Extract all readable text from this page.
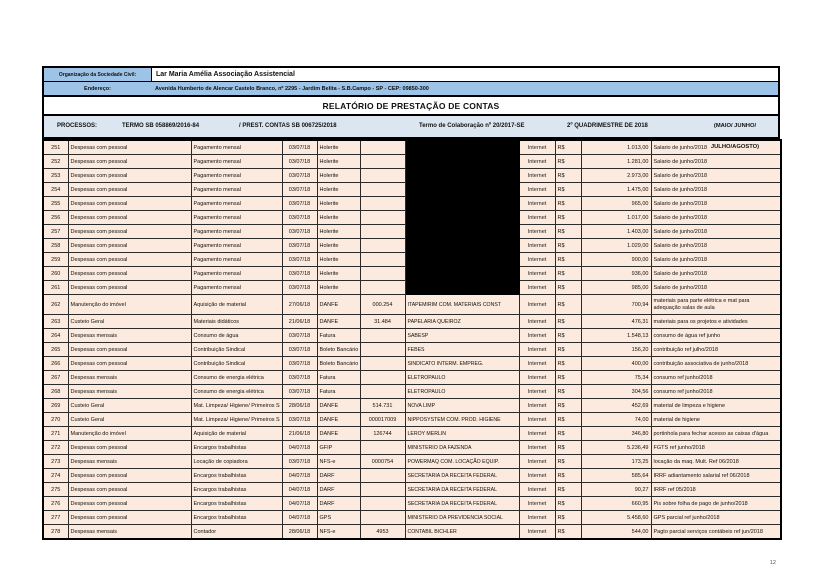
Organização da Sociedade Civil:	Lar Maria Amélia Associação Assistencial
Endereço:	Avenida Humberto de Alencar Castelo Branco, nº 2295 - Jardim Belita - S.B.Campo - SP - CEP: 09850-300
RELATÓRIO DE PRESTAÇÃO DE CONTAS
PROCESSOS:	TERMO SB 058869/2016-84	/ PREST. CONTAS SB 006725/2018	Termo de Colaboração nº 20/2017-SE	2º QUADRIMESTRE DE 2018	(MAIO/ JUNHO/
JULHO/AGOSTO)
251	Despesas com pessoal	Pagamento mensal	03/07/18	Holerite			Internet	R$	1.013,00	Salario de junho/2018
252	Despesas com pessoal	Pagamento mensal	03/07/18	Holerite			Internet	R$	1.281,00	Salario de junho/2018
253	Despesas com pessoal	Pagamento mensal	03/07/18	Holerite			Internet	R$	2.973,00	Salario de junho/2018
254	Despesas com pessoal	Pagamento mensal	03/07/18	Holerite			Internet	R$	1.475,00	Salario de junho/2018
255	Despesas com pessoal	Pagamento mensal	03/07/18	Holerite			Internet	R$	965,00	Salario de junho/2018
256	Despesas com pessoal	Pagamento mensal	03/07/18	Holerite			Internet	R$	1.017,00	Salario de junho/2018
257	Despesas com pessoal	Pagamento mensal	03/07/18	Holerite			Internet	R$	1.403,00	Salario de junho/2018
258	Despesas com pessoal	Pagamento mensal	03/07/18	Holerite			Internet	R$	1.029,00	Salario de junho/2018
259	Despesas com pessoal	Pagamento mensal	03/07/18	Holerite			Internet	R$	900,00	Salario de junho/2018
260	Despesas com pessoal	Pagamento mensal	03/07/18	Holerite			Internet	R$	936,00	Salario de junho/2018
261	Despesas com pessoal	Pagamento mensal	03/07/18	Holerite			Internet	R$	985,00	Salario de junho/2018
262	Manutenção do imóvel	Aquisição de material	27/06/18	DANFE	000.254	ITAPEMIRIM COM. MATERIAIS CONST	Internet	R$	700,94	materiais para parte elétrica e mat para adequação salas de aula
263	Custeio Geral	Materiais didáticos	21/06/18	DANFE	31.484	PAPELARIA QUEIROZ	Internet	R$	476,31	materiais para os projetos e atividades
264	Despesas mensais	Consumo de água	03/07/18	Fatura		SABESP	Internet	R$	1.548,13	consumo de água ref junho
265	Despesas com pessoal	Contribuição Sindical	03/07/18	Boleto Bancário		FEBES	Internet	R$	156,20	contribuição ref julho/2018
266	Despesas com pessoal	Contribuição Sindical	03/07/18	Boleto Bancário		SINDICATO INTERM. EMPREG.	Internet	R$	400,00	contribuição associativa de junho/2018
267	Despesas mensais	Consumo de energia elétrica	03/07/18	Fatura		ELETROPAULO	Internet	R$	75,34	consumo ref junho/2018
268	Despesas mensais	Consumo de energia elétrica	03/07/18	Fatura		ELETROPAULO	Internet	R$	304,56	consumo ref junho/2018
269	Custeio Geral	Mat. Limpeza/ Higiene/ Primeiros S	28/06/18	DANFE	514.731	NOVA LIMP	Internet	R$	452,69	material de limpeza e higiene
270	Custeio Geral	Mat. Limpeza/ Higiene/ Primeiros S	03/07/18	DANFE	000017009	NIPPOSYSTEM COM. PROD. HIGIENE	Internet	R$	74,00	material de higiene
271	Manutenção do imóvel	Aquisição de material	21/06/18	DANFE	126744	LEROY MERLIN	Internet	R$	346,80	portinhola para fechar acesso as caixas d'água
272	Despesas com pessoal	Encargos trabalhistas	04/07/18	GFIP		MINISTERIO DA FAZENDA	Internet	R$	5.236,49	FGTS ref junho/2018
273	Despesas mensais	Locação de copiadora	03/07/18	NFS-e	0000754	POWERMAQ COM. LOCAÇÃO EQUIP.	Internet	R$	173,25	locação da maq. Mult. Ref 06/2018
274	Despesas com pessoal	Encargos trabalhistas	04/07/18	DARF		SECRETARIA DA RECEITA FEDERAL	Internet	R$	585,64	IRRF adiantamento salarial ref 06/2018
275	Despesas com pessoal	Encargos trabalhistas	04/07/18	DARF		SECRETARIA DA RECEITA FEDERAL	Internet	R$	90,27	IRRF ref 05/2018
276	Despesas com pessoal	Encargos trabalhistas	04/07/18	DARF		SECRETARIA DA RECEITA FEDERAL	Internet	R$	660,95	Pis sobre folha de pago de junho/2018
277	Despesas com pessoal	Encargos trabalhistas	04/07/18	GPS		MINISTERIO DA PREVIDENCIA SOCIAL	Internet	R$	5.458,60	GPS parcial ref junho/2018
278	Despesas mensais	Contador	28/06/18	NFS-e	4953	CONTABIL BICHLER	Internet	R$	544,00	Pagto parcial serviços contábeis ref jun/2018
12
